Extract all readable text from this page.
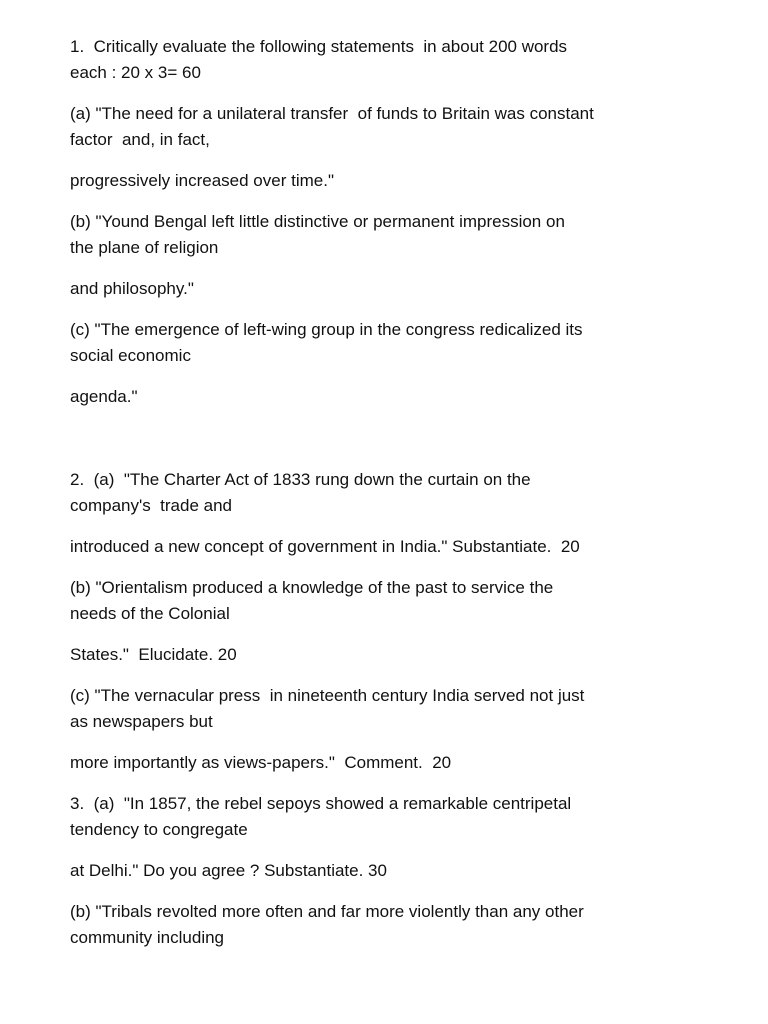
1.  Critically evaluate the following statements  in about 200 words
each : 20 x 3= 60

(a) "The need for a unilateral transfer  of funds to Britain was constant
factor  and, in fact,

progressively increased over time."

(b) "Yound Bengal left little distinctive or permanent impression on
the plane of religion

and philosophy."

(c) "The emergence of left-wing group in the congress redicalized its
social economic

agenda."

2.  (a)  "The Charter Act of 1833 rung down the curtain on the
company's  trade and

introduced a new concept of government in India." Substantiate.  20

(b) "Orientalism produced a knowledge of the past to service the
needs of the Colonial

States."  Elucidate. 20

(c) "The vernacular press  in nineteenth century India served not just
as newspapers but

more importantly as views-papers."  Comment.  20

3.  (a)  "In 1857, the rebel sepoys showed a remarkable centripetal
tendency to congregate

at Delhi." Do you agree ? Substantiate. 30

(b) "Tribals revolted more often and far more violently than any other
community including
